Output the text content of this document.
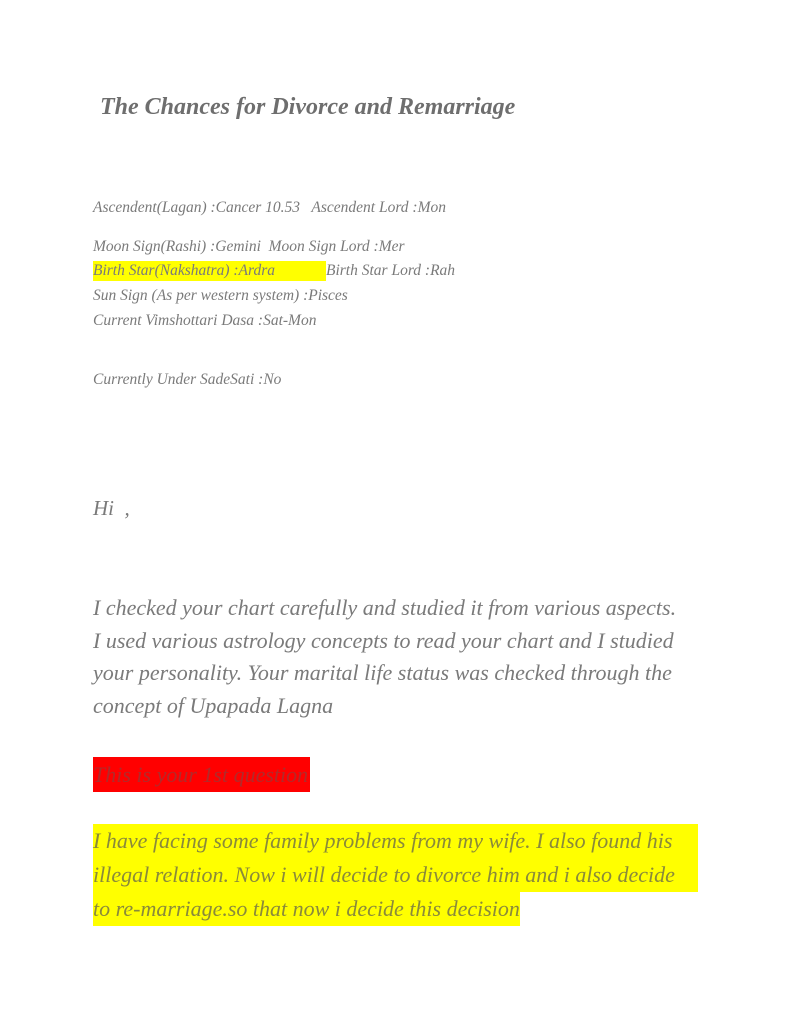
The Chances for Divorce and Remarriage
Ascendent(Lagan) :Cancer 10.53   Ascendent Lord :Mon
Moon Sign(Rashi) :Gemini  Moon Sign Lord :Mer
Birth Star(Nakshatra) :Ardra	Birth Star Lord :Rah
Sun Sign (As per western system) :Pisces
Current Vimshottari Dasa :Sat-Mon
Currently Under SadeSati :No
Hi  ,
I checked your chart carefully and studied it from various aspects.
I used various astrology concepts to read your chart and I studied
your personality. Your marital life status was checked through the
concept of Upapada Lagna
This is your 1st question
I have facing some family problems from my wife. I also found his
illegal relation. Now i will decide to divorce him and i also decide
to re-marriage.so that now i decide this decision
